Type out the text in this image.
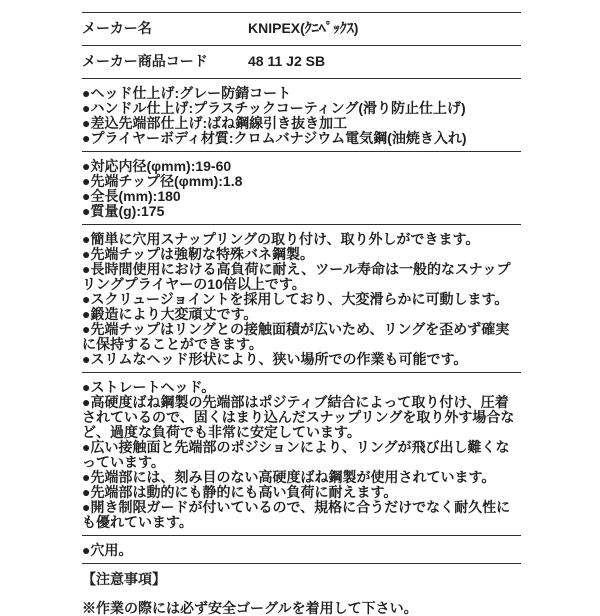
メーカー名	KNIPEX(ｸﾆﾍﾟｯｸｽ)
メーカー商品コード	48 11 J2 SB
●ヘッド仕上げ:グレー防錆コート
●ハンドル仕上げ:プラスチックコーティング(滑り防止仕上げ)
●差込先端部仕上げ:ばね鋼線引き抜き加工
●プライヤーボディ材質:クロムバナジウム電気鋼(油焼き入れ)
●対応内径(φmm):19-60
●先端チップ径(φmm):1.8
●全長(mm):180
●質量(g):175
●簡単に穴用スナップリングの取り付け、取り外しができます。
●先端チップは強靭な特殊バネ鋼製。
●長時間使用における高負荷に耐え、ツール寿命は一般的なスナップリングプライヤーの10倍以上です。
●スクリュージョイントを採用しており、大変滑らかに可動します。
●鍛造により大変頑丈です。
●先端チップはリングとの接触面積が広いため、リングを歪めず確実に保持することができます。
●スリムなヘッド形状により、狭い場所での作業も可能です。
●ストレートヘッド。
●高硬度ばね鋼製の先端部はポジティブ結合によって取り付け、圧着されているので、固くはまり込んだスナップリングを取り外す場合など、過度な負荷でも非常に安定しています。
●広い接触面と先端部のポジションにより、リングが飛び出し難くなっています。
●先端部には、刻み目のない高硬度ばね鋼製が使用されています。
●先端部は動的にも静的にも高い負荷に耐えます。
●開き制限ガードが付いているので、規格に合うだけでなく耐久性にも優れています。
●穴用。
【注意事項】
※作業の際には必ず安全ゴーグルを着用して下さい。
